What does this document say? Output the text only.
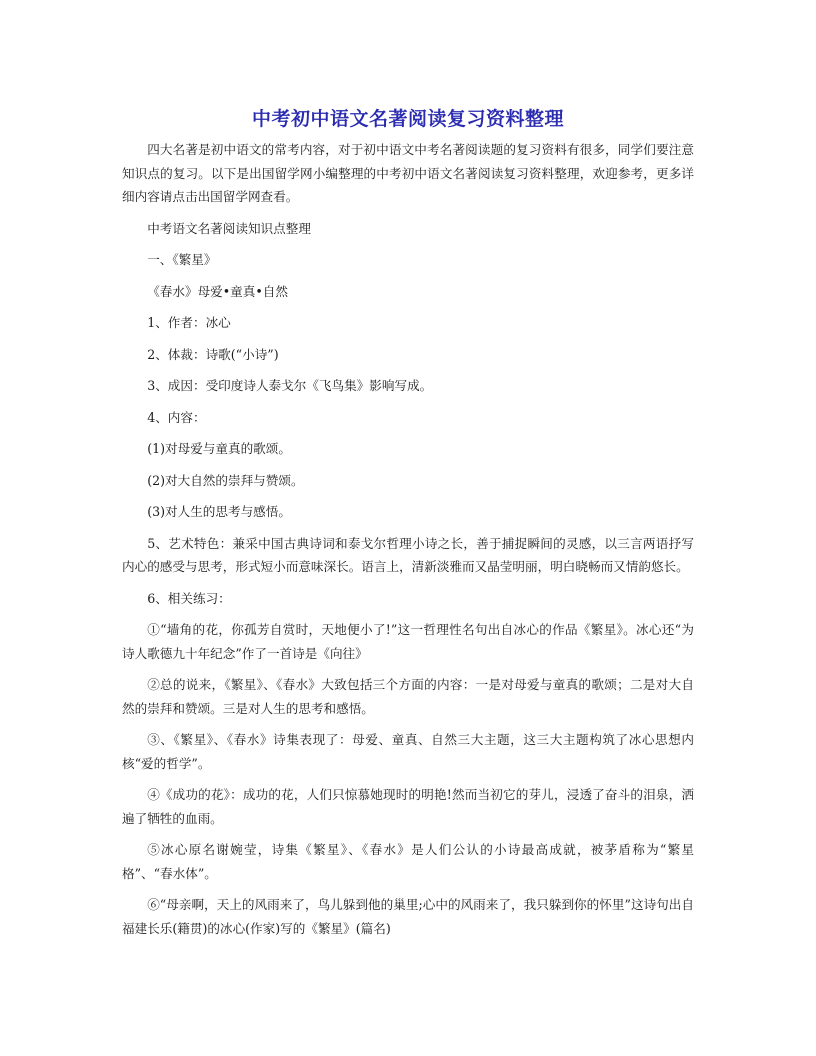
中考初中语文名著阅读复习资料整理

四大名著是初中语文的常考内容，对于初中语文中考名著阅读题的复习资料有很多，同学们要注意知识点的复习。以下是出国留学网小编整理的中考初中语文名著阅读复习资料整理，欢迎参考，更多详细内容请点击出国留学网查看。

中考语文名著阅读知识点整理

一、《繁星》

《春水》母爱•童真•自然

1、作者：冰心

2、体裁：诗歌(“小诗”)

3、成因：受印度诗人泰戈尔《飞鸟集》影响写成。

4、内容：

(1)对母爱与童真的歌颂。

(2)对大自然的崇拜与赞颂。

(3)对人生的思考与感悟。

5、艺术特色：兼采中国古典诗词和泰戈尔哲理小诗之长，善于捕捉瞬间的灵感，以三言两语抒写内心的感受与思考，形式短小而意味深长。语言上，清新淡雅而又晶莹明丽，明白晓畅而又情韵悠长。

6、相关练习：

①“墙角的花，你孤芳自赏时，天地便小了!”这一哲理性名句出自冰心的作品《繁星》。冰心还“为诗人歌德九十年纪念”作了一首诗是《向往》

②总的说来，《繁星》、《春水》大致包括三个方面的内容：一是对母爱与童真的歌颂；二是对大自然的崇拜和赞颂。三是对人生的思考和感悟。

③、《繁星》、《春水》诗集表现了：母爱、童真、自然三大主题，这三大主题构筑了冰心思想内核“爱的哲学”。

④《成功的花》：成功的花，人们只惊慕她现时的明艳!然而当初它的芽儿，浸透了奋斗的泪泉，洒遍了牺牲的血雨。

⑤冰心原名谢婉莹，诗集《繁星》、《春水》是人们公认的小诗最高成就，被茅盾称为“繁星格”、“春水体”。

⑥“母亲啊，天上的风雨来了，鸟儿躲到他的巢里;心中的风雨来了，我只躲到你的怀里”这诗句出自福建长乐(籍贯)的冰心(作家)写的《繁星》(篇名)
